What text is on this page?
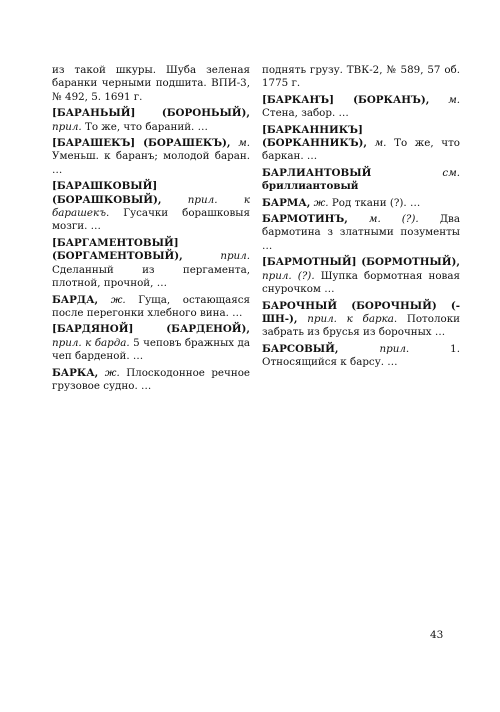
из такой шкуры. Шуба зеленая баранки черными подшита. ВПИ-3, № 492, 5. 1691 г.
[БАРАНЬЫЙ] (БОРОНЬЫЙ), прил. То же, что бараний. …
[БАРАШЕКЪ] (БОРАШЕКЪ), м. Уменьш. к баранъ; молодой баран. …
[БАРАШКОВЫЙ] (БОРАШКОВЫЙ),	прил. к барашекъ. Гусачки борашковыя мозги. …
[БАРГАМЕНТОВЫЙ] (БОРГАМЕНТОВЫЙ),	прил. Сделанный из пергамента, плотной, прочной, …
БАРДА, ж. Гуща, остающаяся после перегонки хлебного вина. …
[БАРДЯНОЙ] (БАРДЕНОЙ), прил. к барда. 5 чеповъ бражных да чеп барденой. …
БАРКА, ж. Плоскодонное речное грузовое судно. …
поднять грузу. ТВК-2, № 589, 57 об. 1775 г.
[БАРКАНЪ] (БОРКАНЪ), м. Стена, забор. …
[БАРКАННИКЪ] (БОРКАННИКЪ), м. То же, что баркан. …
БАРЛИАНТОВЫЙ	см. бриллиантовый
БАРМА, ж. Род ткани (?). …
БАРМОТИНЪ, м. (?). Два бармотина з златными позументы …
[БАРМОТНЫЙ] (БОРМОТНЫЙ), прил. (?). Шупка бормотная новая снурочком …
БАРОЧНЫЙ (БОРОЧНЫЙ) (-ШН-), прил. к барка. Потолоки забрать из брусья из борочных …
БАРСОВЫЙ,	прил.	1. Относящийся к барсу. …
43
